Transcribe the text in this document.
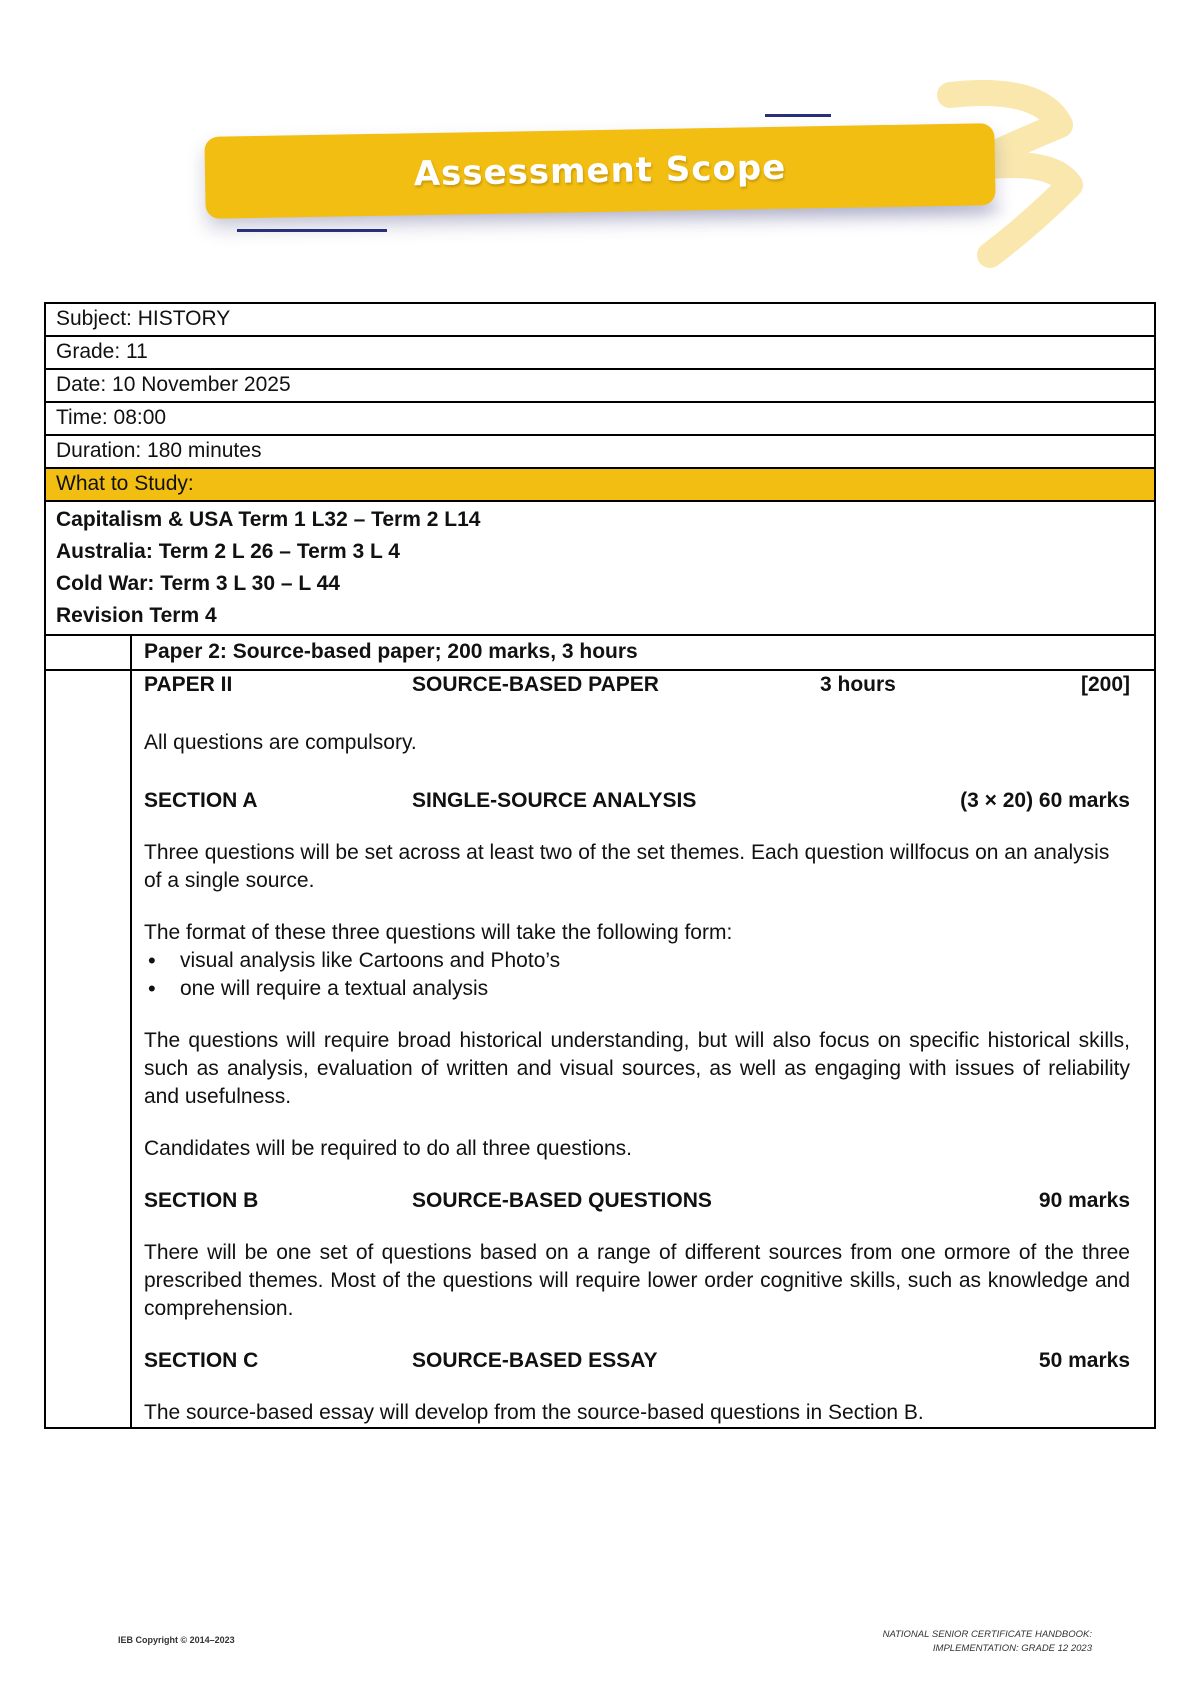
Assessment Scope
Subject: HISTORY
Grade: 11
Date: 10 November 2025
Time: 08:00
Duration: 180 minutes
What to Study:
Capitalism & USA Term 1 L32 – Term 2 L14
Australia: Term 2 L 26 – Term 3 L 4
Cold War: Term 3 L 30 – L 44
Revision Term 4
Paper 2: Source-based paper; 200 marks, 3 hours
PAPER II	SOURCE-BASED PAPER	3 hours	[200]

All questions are compulsory.

SECTION A	SINGLE-SOURCE ANALYSIS	(3 × 20) 60 marks

Three questions will be set across at least two of the set themes. Each question willfocus on an analysis of a single source.

The format of these three questions will take the following form:

• visual analysis like Cartoons and Photo’s
• one will require a textual analysis

The questions will require broad historical understanding, but will also focus on specific historical skills, such as analysis, evaluation of written and visual sources, as well as engaging with issues of reliability and usefulness.

Candidates will be required to do all three questions.

SECTION B	SOURCE-BASED QUESTIONS	90 marks

There will be one set of questions based on a range of different sources from one ormore of the three prescribed themes. Most of the questions will require lower order cognitive skills, such as knowledge and comprehension.

SECTION C	SOURCE-BASED ESSAY	50 marks

The source-based essay will develop from the source-based questions in Section B.

IEB Copyright © 2014–2023	NATIONAL SENIOR CERTIFICATE HANDBOOK:
IMPLEMENTATION: GRADE 12 2023
